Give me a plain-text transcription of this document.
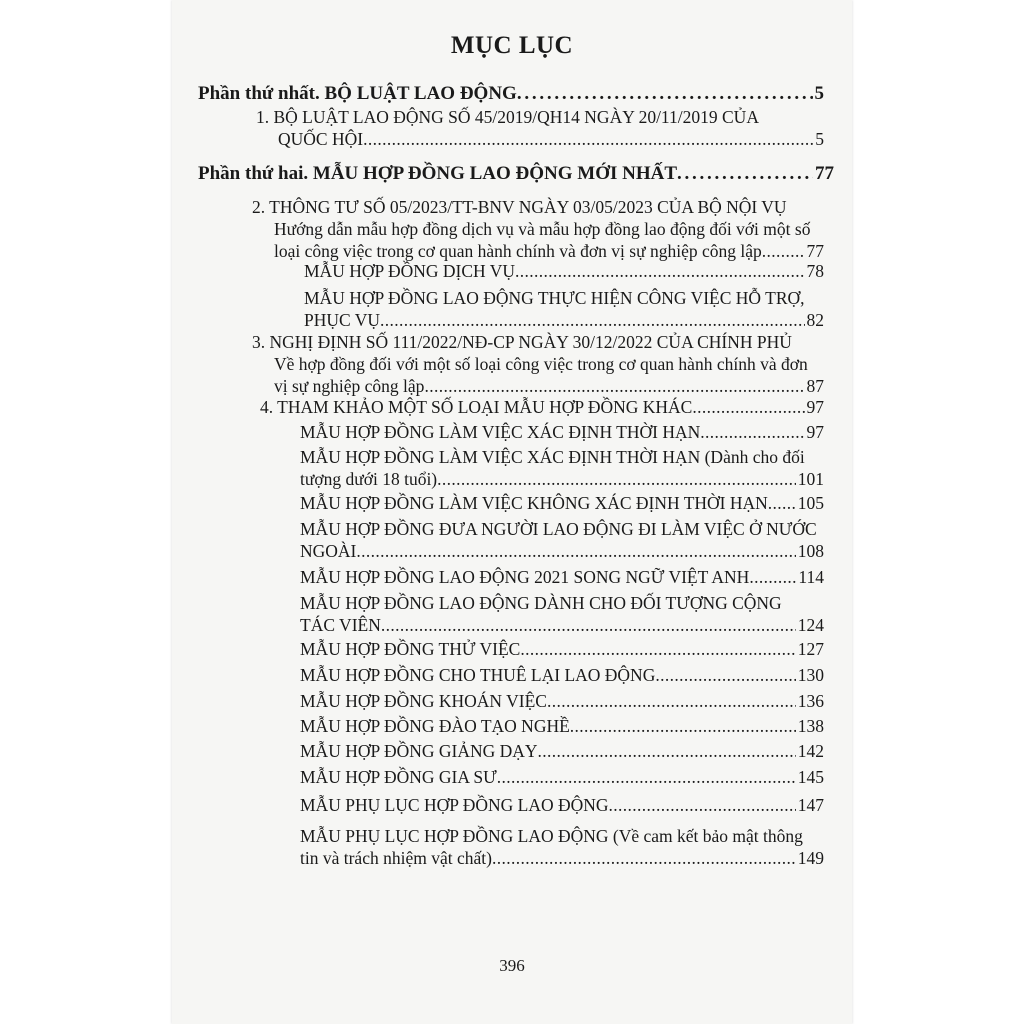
MỤC LỤC
Phần thứ nhất. BỘ LUẬT LAO ĐỘNG . . .	5
1. BỘ LUẬT LAO ĐỘNG SỐ 45/2019/QH14 NGÀY 20/11/2019 CỦA
QUỐC HỘI . . .	5
Phần thứ hai. MẪU HỢP ĐỒNG LAO ĐỘNG MỚI NHẤT . . .	77
2. THÔNG TƯ SỐ 05/2023/TT-BNV NGÀY 03/05/2023 CỦA BỘ NỘI VỤ
Hướng dẫn mẫu hợp đồng dịch vụ và mẫu hợp đồng lao động đối với một số
loại công việc trong cơ quan hành chính và đơn vị sự nghiệp công lập . . .	77
MẪU HỢP ĐỒNG DỊCH VỤ . . .	78
MẪU HỢP ĐỒNG LAO ĐỘNG THỰC HIỆN CÔNG VIỆC HỖ TRỢ,
PHỤC VỤ . . .	82
3. NGHỊ ĐỊNH SỐ 111/2022/NĐ-CP NGÀY 30/12/2022 CỦA CHÍNH PHỦ
Về hợp đồng đối với một số loại công việc trong cơ quan hành chính và đơn
vị sự nghiệp công lập . . .	87
4. THAM KHẢO MỘT SỐ LOẠI MẪU HỢP ĐỒNG KHÁC . . .	97
MẪU HỢP ĐỒNG LÀM VIỆC XÁC ĐỊNH THỜI HẠN . . .	97
MẪU HỢP ĐỒNG LÀM VIỆC XÁC ĐỊNH THỜI HẠN (Dành cho đối
tượng dưới 18 tuổi) . . .	101
MẪU HỢP ĐỒNG LÀM VIỆC KHÔNG XÁC ĐỊNH THỜI HẠN . . . 105
MẪU HỢP ĐỒNG ĐƯA NGƯỜI LAO ĐỘNG ĐI LÀM VIỆC Ở NƯỚC
NGOÀI . . .	108
MẪU HỢP ĐỒNG LAO ĐỘNG 2021 SONG NGỮ VIỆT ANH . . .	114
MẪU HỢP ĐỒNG LAO ĐỘNG DÀNH CHO ĐỐI TƯỢNG CỘNG
TÁC VIÊN . . .	124
MẪU HỢP ĐỒNG THỬ VIỆC . . .	127
MẪU HỢP ĐỒNG CHO THUÊ LẠI LAO ĐỘNG . . .	130
MẪU HỢP ĐỒNG KHOÁN VIỆC . . .	136
MẪU HỢP ĐỒNG ĐÀO TẠO NGHỀ . . .	138
MẪU HỢP ĐỒNG GIẢNG DẠY . . .	142
MẪU HỢP ĐỒNG GIA SƯ . . .	145
MẪU PHỤ LỤC HỢP ĐỒNG LAO ĐỘNG . . .	147
MẪU PHỤ LỤC HỢP ĐỒNG LAO ĐỘNG (Về cam kết bảo mật thông
tin và trách nhiệm vật chất) . . .	149
396
